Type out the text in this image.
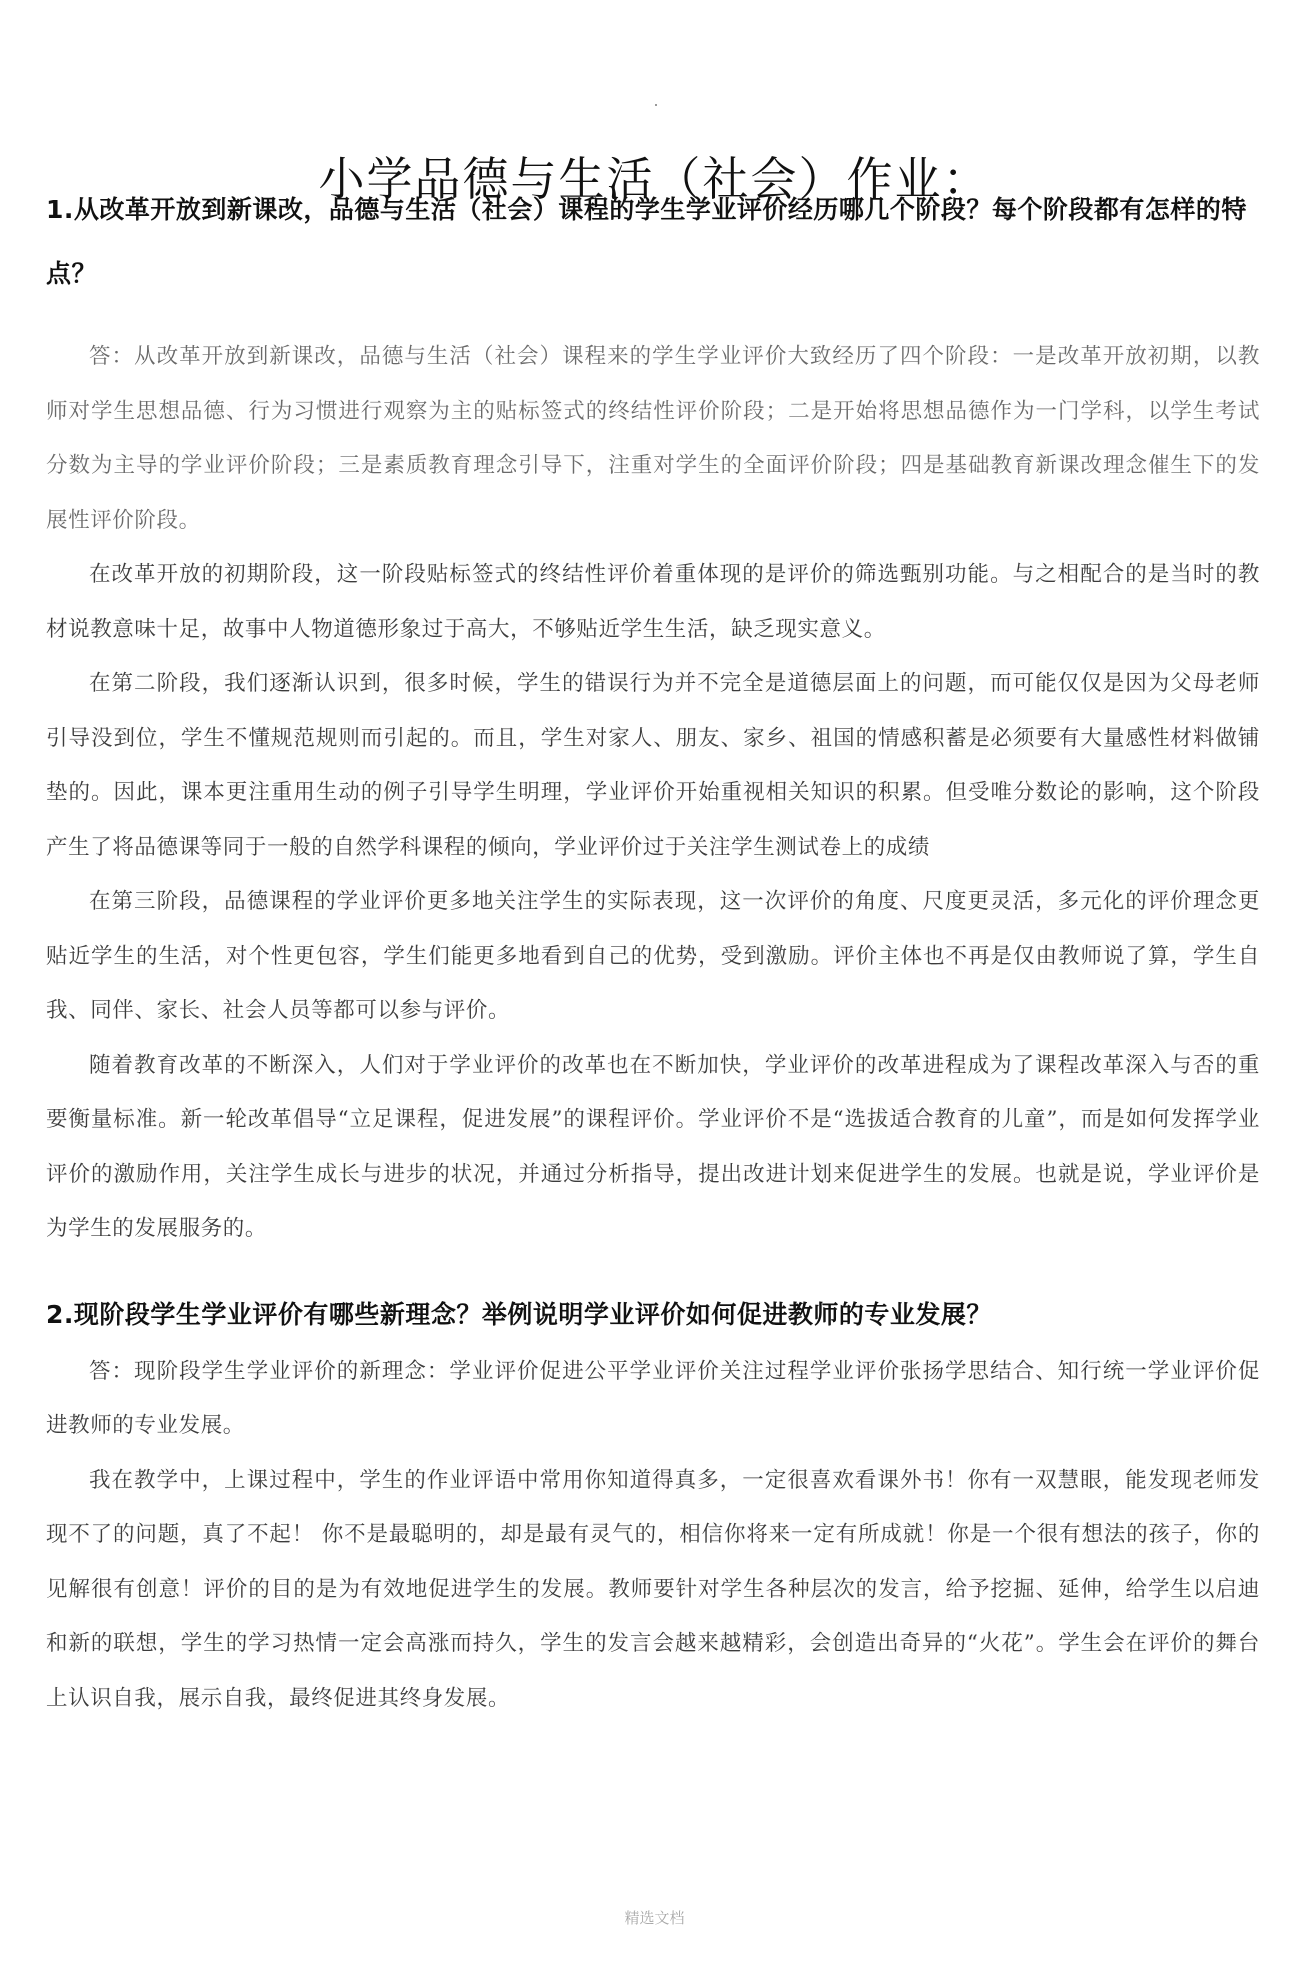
小学品德与生活（社会）作业：

1.从改革开放到新课改，品德与生活（社会）课程的学生学业评价经历哪几个阶段？每个阶段都有怎样的特点？

答：从改革开放到新课改，品德与生活（社会）课程来的学生学业评价大致经历了四个阶段：一是改革开放初期，以教师对学生思想品德、行为习惯进行观察为主的贴标签式的终结性评价阶段；二是开始将思想品德作为一门学科，以学生考试分数为主导的学业评价阶段；三是素质教育理念引导下，注重对学生的全面评价阶段；四是基础教育新课改理念催生下的发展性评价阶段。

在改革开放的初期阶段，这一阶段贴标签式的终结性评价着重体现的是评价的筛选甄别功能。与之相配合的是当时的教材说教意味十足，故事中人物道德形象过于高大，不够贴近学生生活，缺乏现实意义。

在第二阶段，我们逐渐认识到，很多时候，学生的错误行为并不完全是道德层面上的问题，而可能仅仅是因为父母老师引导没到位，学生不懂规范规则而引起的。而且，学生对家人、朋友、家乡、祖国的情感积蓄是必须要有大量感性材料做铺垫的。因此，课本更注重用生动的例子引导学生明理，学业评价开始重视相关知识的积累。但受唯分数论的影响，这个阶段产生了将品德课等同于一般的自然学科课程的倾向，学业评价过于关注学生测试卷上的成绩

在第三阶段，品德课程的学业评价更多地关注学生的实际表现，这一次评价的角度、尺度更灵活，多元化的评价理念更贴近学生的生活，对个性更包容，学生们能更多地看到自己的优势，受到激励。评价主体也不再是仅由教师说了算，学生自我、同伴、家长、社会人员等都可以参与评价。

随着教育改革的不断深入，人们对于学业评价的改革也在不断加快，学业评价的改革进程成为了课程改革深入与否的重要衡量标准。新一轮改革倡导“立足课程，促进发展”的课程评价。学业评价不是“选拔适合教育的儿童”，而是如何发挥学业评价的激励作用，关注学生成长与进步的状况，并通过分析指导，提出改进计划来促进学生的发展。也就是说，学业评价是为学生的发展服务的。

2.现阶段学生学业评价有哪些新理念？举例说明学业评价如何促进教师的专业发展？

答：现阶段学生学业评价的新理念：学业评价促进公平学业评价关注过程学业评价张扬学思结合、知行统一学业评价促进教师的专业发展。

我在教学中，上课过程中，学生的作业评语中常用你知道得真多，一定很喜欢看课外书！你有一双慧眼，能发现老师发现不了的问题，真了不起！ 你不是最聪明的，却是最有灵气的，相信你将来一定有所成就！你是一个很有想法的孩子，你的见解很有创意！评价的目的是为有效地促进学生的发展。教师要针对学生各种层次的发言，给予挖掘、延伸，给学生以启迪和新的联想，学生的学习热情一定会高涨而持久，学生的发言会越来越精彩，会创造出奇异的“火花”。学生会在评价的舞台上认识自我，展示自我，最终促进其终身发展。

精选文档
